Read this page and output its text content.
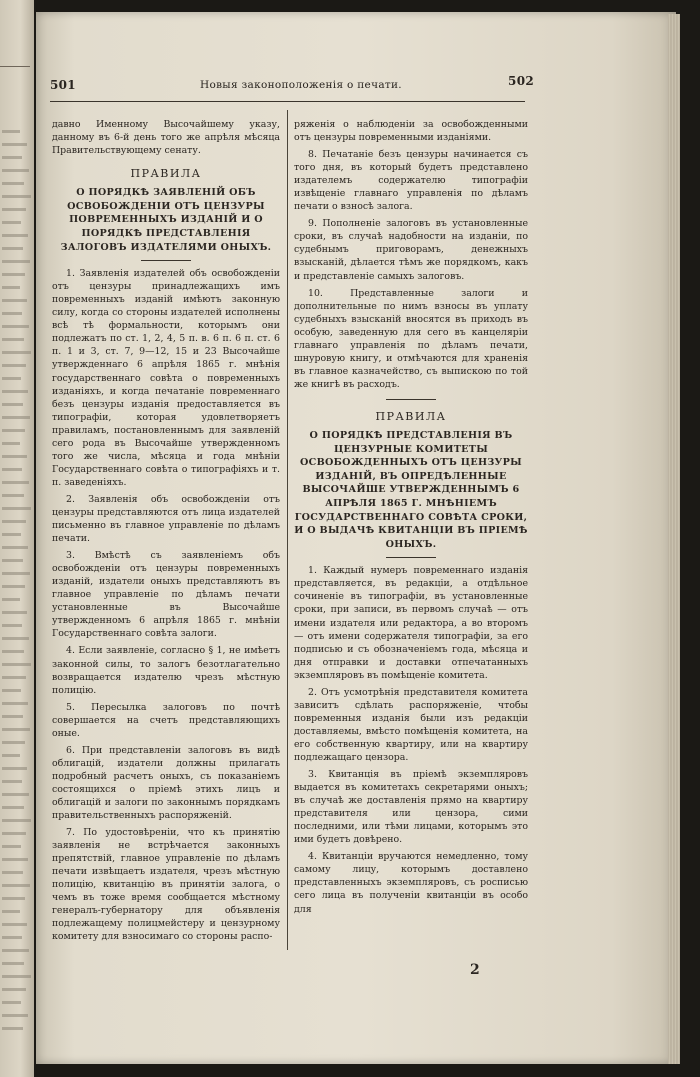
501	Новыя законоположенія о печати.	502

давно Именному Высочайшему указу, данному въ 6-й день того же апрѣля мѣсяца Правительствующему сенату.

ПРАВИЛА
О ПОРЯДКѢ ЗАЯВЛЕНІЙ ОБЪ ОСВОБОЖДЕНІИ ОТЪ ЦЕНЗУРЫ ПОВРЕМЕННЫХЪ ИЗДАНІЙ И О ПОРЯДКѢ ПРЕДСТАВЛЕНІЯ ЗАЛОГОВЪ ИЗДАТЕЛЯМИ ОНЫХЪ.

1. Заявленія издателей объ освобожденіи отъ цензуры принадлежащихъ имъ повременныхъ изданій имѣютъ законную силу, когда со стороны издателей исполнены всѣ тѣ формальности, которымъ они подлежатъ по ст. 1, 2, 4, 5 п. в. 6 п. 6 п. ст. 6 п. 1 и 3, ст. 7, 9—12, 15 и 23 Высочайше утвержденнаго 6 апрѣля 1865 г. мнѣнія государственнаго совѣта о повременныхъ изданіяхъ, и когда печатаніе повременнаго безъ цензуры изданія предоставляется въ типографіи, которая удовлетворяетъ правиламъ, постановленнымъ для заявленій сего рода въ Высочайше утвержденномъ того же числа, мѣсяца и года мнѣніи Государственнаго совѣта о типографіяхъ и т. п. заведеніяхъ.

2. Заявленія объ освобожденіи отъ цензуры представляются отъ лица издателей письменно въ главное управленіе по дѣламъ печати.

3. Вмѣстѣ съ заявленіемъ объ освобожденіи отъ цензуры повременныхъ изданій, издатели оныхъ представляютъ въ главное управленіе по дѣламъ печати установленные въ Высочайше утвержденномъ 6 апрѣля 1865 г. мнѣніи Государственнаго совѣта залоги.

4. Если заявленіе, согласно § 1, не имѣетъ законной силы, то залогъ безотлагательно возвращается издателю чрезъ мѣстную полицію.

5. Пересылка залоговъ по почтѣ совершается на счетъ представляющихъ оные.

6. При представленіи залоговъ въ видѣ облигацій, издатели должны прилагать подробный расчетъ оныхъ, съ показаніемъ состоящихся о пріемѣ этихъ лицъ и облигацій и залоги по законнымъ порядкамъ правительственныхъ распоряженій.

7. По удостовѣреніи, что къ принятію заявленія не встрѣчается законныхъ препятствій, главное управленіе по дѣламъ печати извѣщаетъ издателя, чрезъ мѣстную полицію, квитанцію въ принятіи залога, о чемъ въ тоже время сообщается мѣстному генералъ-губернатору для объявленія подлежащему полицмейстеру и цензурному комитету для взносимаго со стороны распо-

ряженія о наблюденіи за освобожденными отъ цензуры повременными изданіями.

8. Печатаніе безъ цензуры начинается съ того дня, въ который будетъ представлено издателемъ содержателю типографіи извѣщеніе главнаго управленія по дѣламъ печати о взносѣ залога.

9. Пополненіе залоговъ въ установленные сроки, въ случаѣ надобности на изданіи, по судебнымъ приговорамъ, денежныхъ взысканій, дѣлается тѣмъ же порядкомъ, какъ и представленіе самыхъ залоговъ.

10. Представленные залоги и дополнительные по нимъ взносы въ уплату судебныхъ взысканій вносятся въ приходъ въ особую, заведенную для сего въ канцеляріи главнаго управленія по дѣламъ печати, шнуровую книгу, и отмѣчаются для храненія въ главное казначейство, съ выпискою по той же книгѣ въ расходъ.

ПРАВИЛА
О ПОРЯДКѢ ПРЕДСТАВЛЕНІЯ ВЪ ЦЕНЗУРНЫЕ КОМИТЕТЫ ОСВОБОЖДЕННЫХЪ ОТЪ ЦЕНЗУРЫ ИЗДАНІЙ, ВЪ ОПРЕДѢЛЕННЫЕ ВЫСОЧАЙШЕ УТВЕРЖДЕННЫМЪ 6 АПРѢЛЯ 1865 Г. МНѢНІЕМЪ ГОСУДАРСТВЕННАГО СОВѢТА СРОКИ, И О ВЫДАЧѢ КВИТАНЦІИ ВЪ ПРІЕМѢ ОНЫХЪ.

1. Каждый нумеръ повременнаго изданія представляется, въ редакціи, а отдѣльное сочиненіе въ типографіи, въ установленные сроки, при записи, въ первомъ случаѣ — отъ имени издателя или редактора, а во второмъ — отъ имени содержателя типографіи, за его подписью и съ обозначеніемъ года, мѣсяца и дня отправки и доставки отпечатанныхъ экземпляровъ въ помѣщеніе комитета.

2. Отъ усмотрѣнія представителя комитета зависитъ сдѣлать распоряженіе, чтобы повременныя изданія были изъ редакціи доставляемы, вмѣсто помѣщенія комитета, на его собственную квартиру, или на квартиру подлежащаго цензора.

3. Квитанція въ пріемѣ экземпляровъ выдается въ комитетахъ секретарями оныхъ; въ случаѣ же доставленія прямо на квартиру представителя или цензора, сими последними, или тѣми лицами, которымъ это ими будетъ довѣрено.

4. Квитанціи вручаются немедленно, тому самому лицу, которымъ доставлено представленныхъ экземпляровъ, съ росписью сего лица въ полученіи квитанціи въ особо для

2
